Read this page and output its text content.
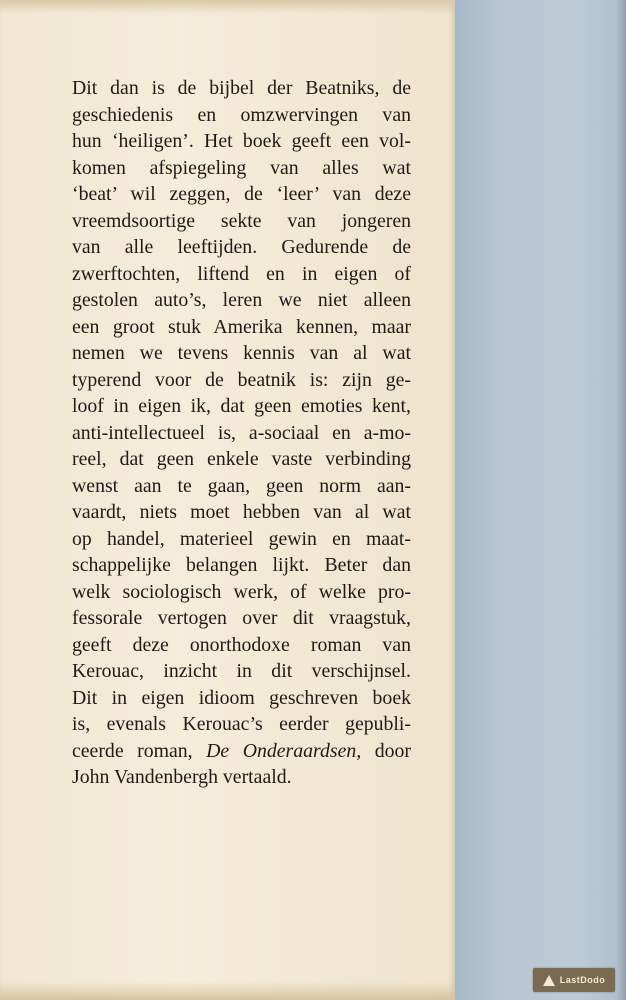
Dit dan is de bijbel der Beatniks, de
geschiedenis en omzwervingen van
hun ‘heiligen’. Het boek geeft een vol-
komen afspiegeling van alles wat
‘beat’ wil zeggen, de ‘leer’ van deze
vreemdsoortige sekte van jongeren
van alle leeftijden. Gedurende de
zwerftochten, liftend en in eigen of
gestolen auto’s, leren we niet alleen
een groot stuk Amerika kennen, maar
nemen we tevens kennis van al wat
typerend voor de beatnik is: zijn ge-
loof in eigen ik, dat geen emoties kent,
anti-intellectueel is, a-sociaal en a-mo-
reel, dat geen enkele vaste verbinding
wenst aan te gaan, geen norm aan-
vaardt, niets moet hebben van al wat
op handel, materieel gewin en maat-
schappelijke belangen lijkt. Beter dan
welk sociologisch werk, of welke pro-
fessorale vertogen over dit vraagstuk,
geeft deze onorthodoxe roman van
Kerouac, inzicht in dit verschijnsel.
Dit in eigen idioom geschreven boek
is, evenals Kerouac’s eerder gepubli-
ceerde roman, De Onderaardsen, door
John Vandenbergh vertaald.
LastDodo
